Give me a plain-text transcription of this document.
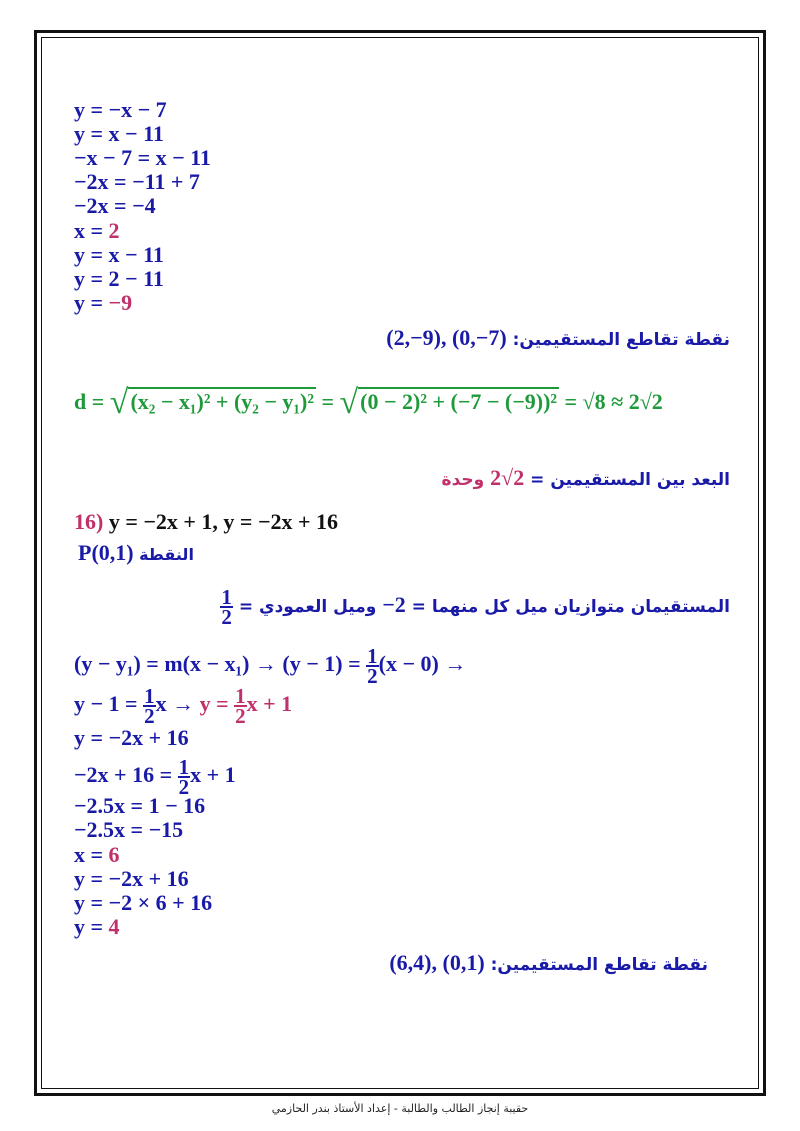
y = −x − 7
y = x − 11
−x − 7 = x − 11
−2x = −11 + 7
−2x = −4
x = 2
y = x − 11
y = 2 − 11
y = −9
نقطة تقاطع المستقيمين:  (2,−9), (0,−7)
d = √(x₂ − x₁)² + (y₂ − y₁)² = √(0 − 2)² + (−7 − (−9))² = √8 ≈ 2√2
البعد بين المستقيمين = 2√2 وحدة
16) y = −2x + 1, y = −2x + 16
P(0,1) النقطة
المستقيمان متوازيان ميل كل منهما = −2 وميل العمودي =
$\frac{1}{2}$
$(y - y_1) = m(x - x_1) \to (y - 1) = \frac{1}{2} (x - 0)$ →
$y - 1 = \frac{1}{2}$ $x \to y = \frac{1}{2}$ x + 1
y = −2x + 16
$-2x + 16 = \frac{1}{2}$ x + 1
−2.5x = 1 − 16
−2.5x = −15
x = 6
y = −2x + 16
y = −2 × 6 + 16
y = 4
نقطة تقاطع المستقيمين:  (6,4), (0,1)
حقيبة إنجاز الطالب والطالبة - إعداد الأستاذ بندر الحازمي
